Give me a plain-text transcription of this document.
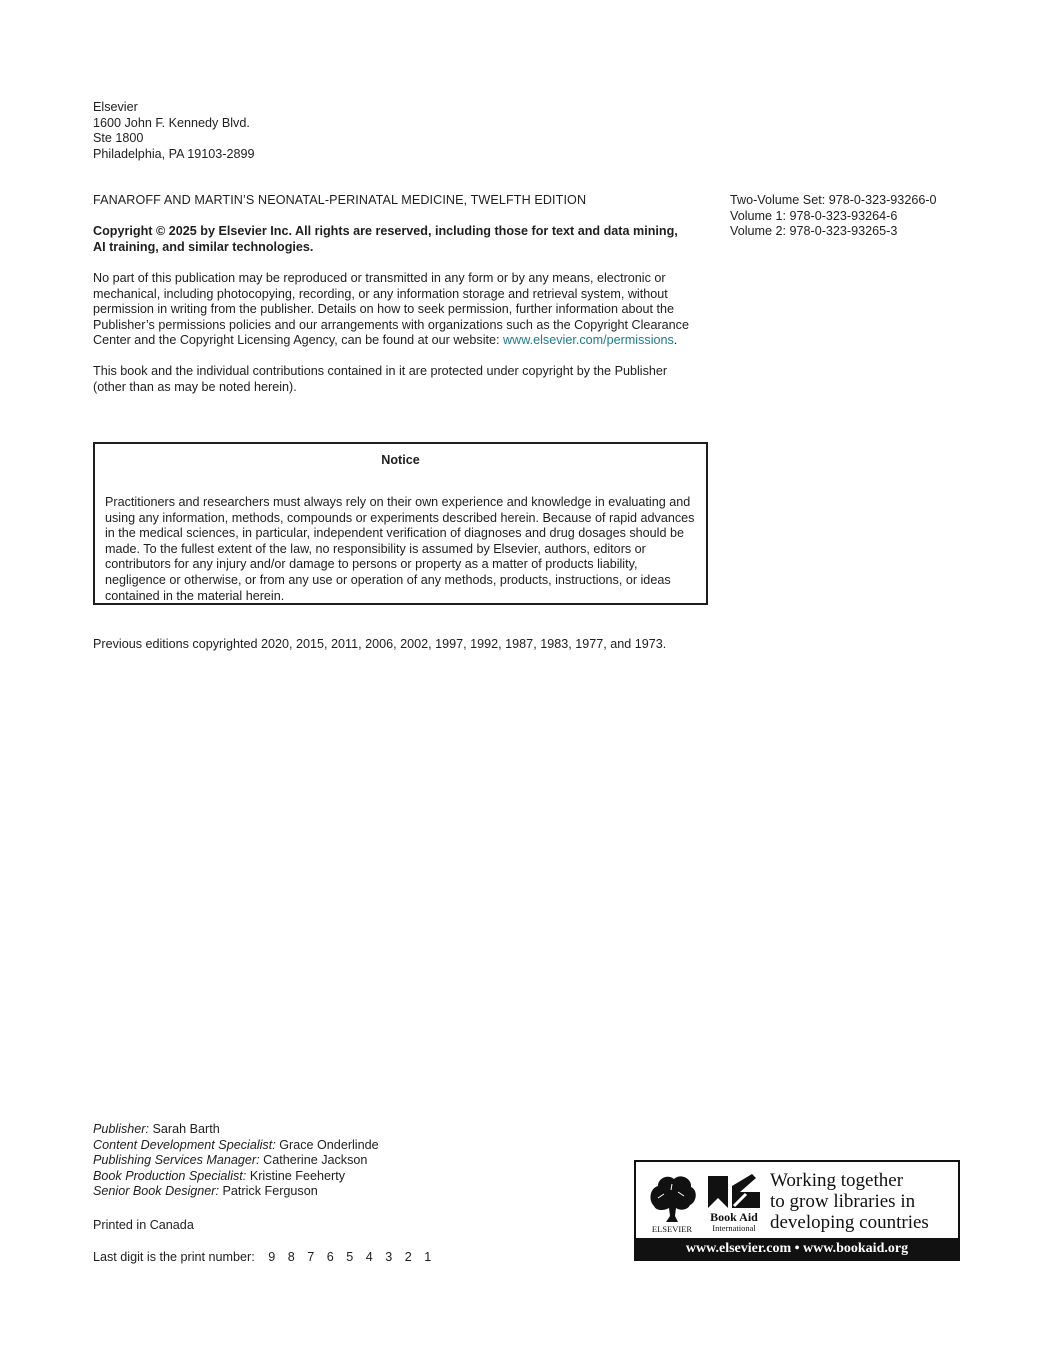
Elsevier
1600 John F. Kennedy Blvd.
Ste 1800
Philadelphia, PA 19103-2899
FANAROFF AND MARTIN’S NEONATAL-PERINATAL MEDICINE, TWELFTH EDITION	Two-Volume Set: 978-0-323-93266-0
Volume 1: 978-0-323-93264-6
Volume 2: 978-0-323-93265-3
Copyright © 2025 by Elsevier Inc. All rights are reserved, including those for text and data mining, AI training, and similar technologies.
No part of this publication may be reproduced or transmitted in any form or by any means, electronic or mechanical, including photocopying, recording, or any information storage and retrieval system, without permission in writing from the publisher. Details on how to seek permission, further information about the Publisher’s permissions policies and our arrangements with organizations such as the Copyright Clearance Center and the Copyright Licensing Agency, can be found at our website: www.elsevier.com/permissions.
This book and the individual contributions contained in it are protected under copyright by the Publisher (other than as may be noted herein).
Notice
Practitioners and researchers must always rely on their own experience and knowledge in evaluating and using any information, methods, compounds or experiments described herein. Because of rapid advances in the medical sciences, in particular, independent verification of diagnoses and drug dosages should be made. To the fullest extent of the law, no responsibility is assumed by Elsevier, authors, editors or contributors for any injury and/or damage to persons or property as a matter of products liability, negligence or otherwise, or from any use or operation of any methods, products, instructions, or ideas contained in the material herein.
Previous editions copyrighted 2020, 2015, 2011, 2006, 2002, 1997, 1992, 1987, 1983, 1977, and 1973.
Publisher: Sarah Barth
Content Development Specialist: Grace Onderlinde
Publishing Services Manager: Catherine Jackson
Book Production Specialist: Kristine Feeherty
Senior Book Designer: Patrick Ferguson
Printed in Canada
Last digit is the print number: 9 8 7 6 5 4 3 2 1
ELSEVIER
Book Aid
International
Working together
to grow libraries in
developing countries
www.elsevier.com • www.bookaid.org
